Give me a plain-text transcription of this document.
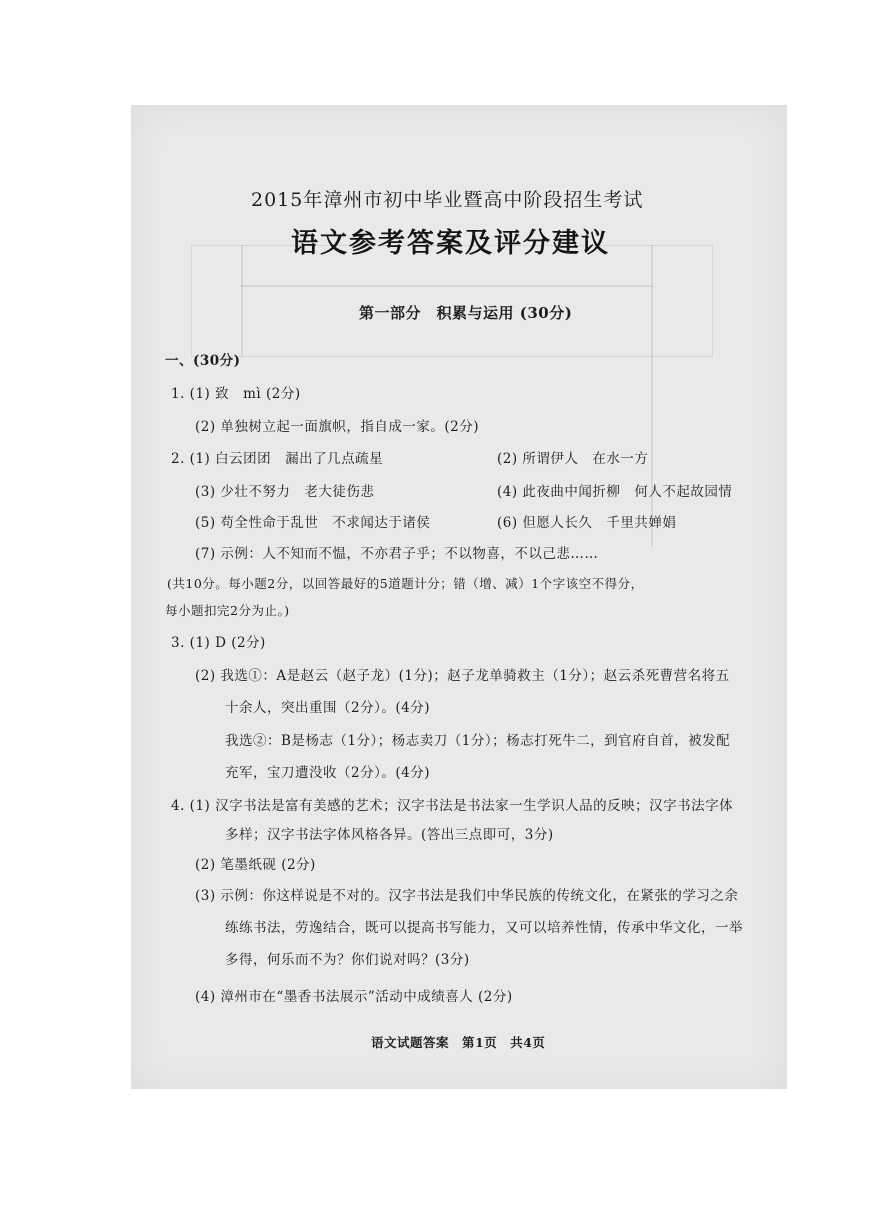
2015年漳州市初中毕业暨高中阶段招生考试
语文参考答案及评分建议
第一部分　积累与运用 (30分)
一、(30分)
1. (1) 致　mì (2分)
(2) 单独树立起一面旗帜，指自成一家。(2分)
2. (1) 白云团团　漏出了几点疏星	(2) 所谓伊人　在水一方
(3) 少壮不努力　老大徒伤悲	(4) 此夜曲中闻折柳　何人不起故园情
(5) 苟全性命于乱世　不求闻达于诸侯	(6) 但愿人长久　千里共婵娟
(7) 示例：人不知而不愠，不亦君子乎；不以物喜，不以己悲……
(共10分。每小题2分，以回答最好的5道题计分；错（增、减）1个字该空不得分，
每小题扣完2分为止。)
3. (1) D (2分)
(2) 我选①：A是赵云（赵子龙）(1分)；赵子龙单骑救主（1分）；赵云杀死曹营名将五
十余人，突出重围（2分）。(4分)
我选②：B是杨志（1分）；杨志卖刀（1分）；杨志打死牛二，到官府自首，被发配
充军，宝刀遭没收（2分）。(4分)
4. (1) 汉字书法是富有美感的艺术；汉字书法是书法家一生学识人品的反映；汉字书法字体
多样；汉字书法字体风格各异。(答出三点即可，3分)
(2) 笔墨纸砚 (2分)
(3) 示例：你这样说是不对的。汉字书法是我们中华民族的传统文化，在紧张的学习之余
练练书法，劳逸结合，既可以提高书写能力，又可以培养性情，传承中华文化，一举
多得，何乐而不为？你们说对吗？(3分)
(4) 漳州市在“墨香书法展示”活动中成绩喜人 (2分)
语文试题答案　第1页　共4页
